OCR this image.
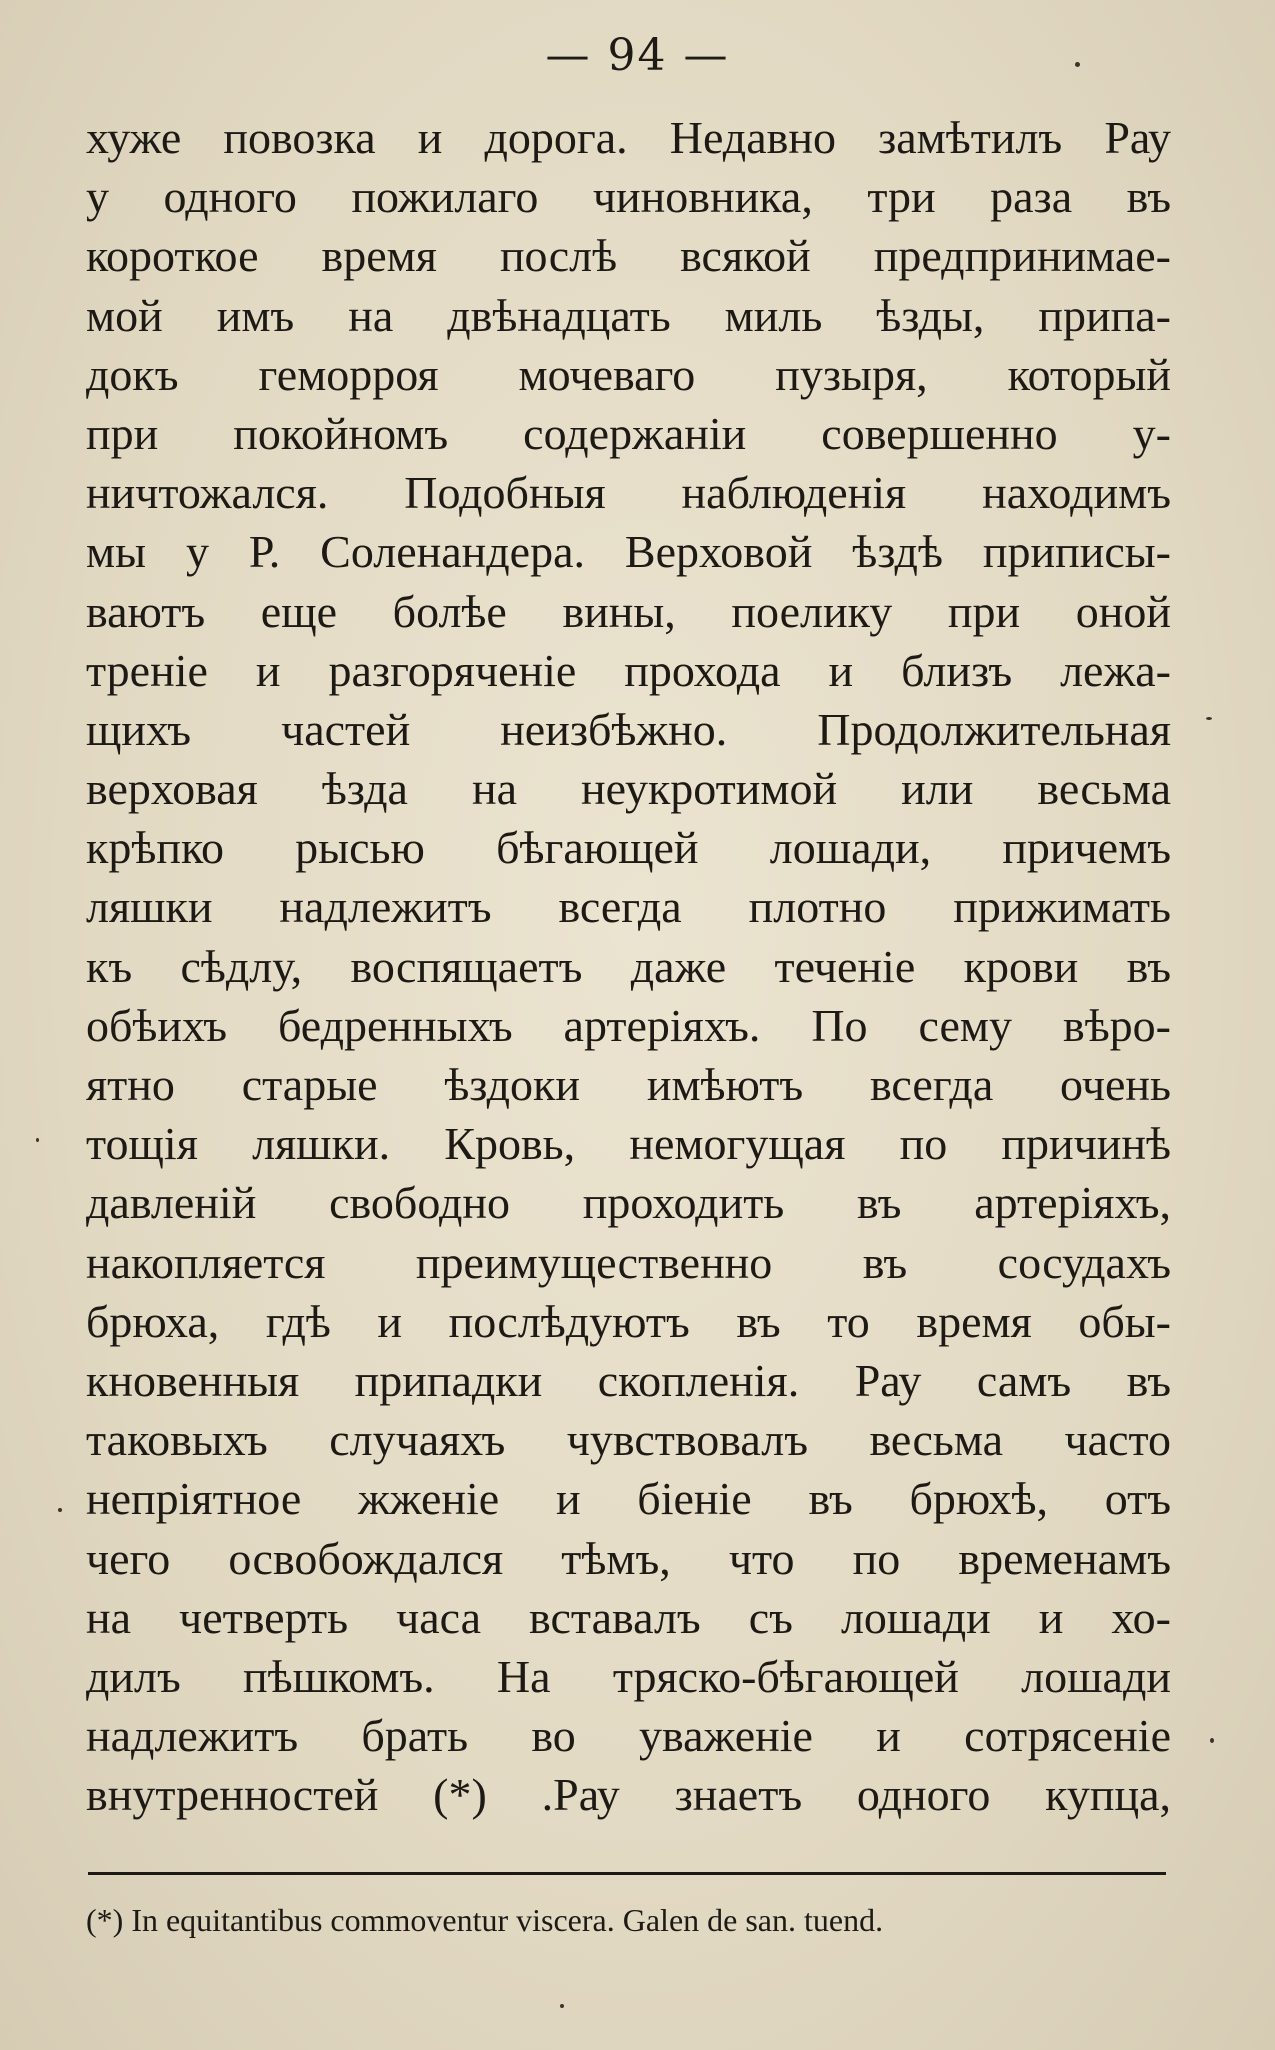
— 94 —
хуже повозка и дорога. Недавно замѣтилъ Рау
у одного пожилаго чиновника, три раза въ
короткое время послѣ всякой предпринимае-
мой имъ на двѣнадцать миль ѣзды, припа-
докъ геморроя мочеваго пузыря, который
при покойномъ содержаніи совершенно у-
ничтожался. Подобныя наблюденія находимъ
мы у Р. Соленандера. Верховой ѣздѣ приписы-
ваютъ еще болѣе вины, поелику при оной
треніе и разгоряченіе прохода и близъ лежа-
щихъ частей неизбѣжно. Продолжительная
верховая ѣзда на неукротимой или весьма
крѣпко рысью бѣгающей лошади, причемъ
ляшки надлежитъ всегда плотно прижимать
къ сѣдлу, воспящаетъ даже теченіе крови въ
обѣихъ бедренныхъ артеріяхъ. По сему вѣро-
ятно старые ѣздоки имѣютъ всегда очень
тощія ляшки. Кровь, немогущая по причинѣ
давленій свободно проходить въ артеріяхъ,
накопляется преимущественно въ сосудахъ
брюха, гдѣ и послѣдуютъ въ то время обы-
кновенныя припадки скопленія. Рау самъ въ
таковыхъ случаяхъ чувствовалъ весьма часто
непріятное жженіе и біеніе въ брюхѣ, отъ
чего освобождался тѣмъ, что по временамъ
на четверть часа вставалъ съ лошади и хо-
дилъ пѣшкомъ. На тряско-бѣгающей лошади
надлежитъ брать во уваженіе и сотрясеніе
внутренностей (*) .Рау знаетъ одного купца,
(*) In equitantibus commoventur viscera. Galen de san. tuend.
